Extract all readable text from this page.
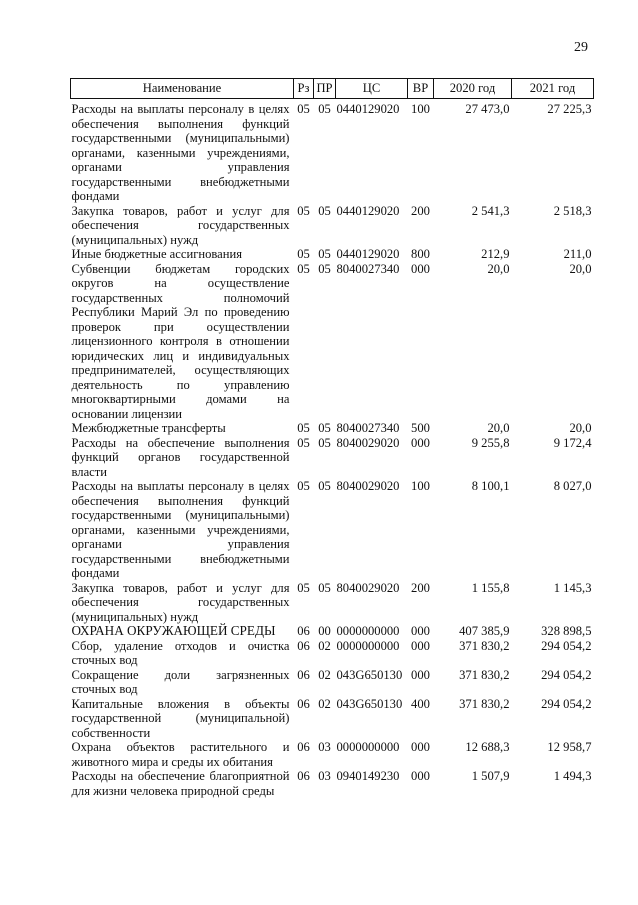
29
Наименование	Рз	ПР	ЦС	ВР	2020 год	2021 год
Расходы на выплаты персоналу в целях обеспечения выполнения функций государственными (муниципальными) органами, казенными учреждениями, органами управления государственными внебюджетными фондами	05	05	0440129020	100	27 473,0	27 225,3
Закупка товаров, работ и услуг для обеспечения государственных (муниципальных) нужд	05	05	0440129020	200	2 541,3	2 518,3
Иные бюджетные ассигнования	05	05	0440129020	800	212,9	211,0
Субвенции бюджетам городских округов на осуществление государственных полномочий Республики Марий Эл по проведению проверок при осуществлении лицензионного контроля в отношении юридических лиц и индивидуальных предпринимателей, осуществляющих деятельность по управлению многоквартирными домами на основании лицензии	05	05	8040027340	000	20,0	20,0
Межбюджетные трансферты	05	05	8040027340	500	20,0	20,0
Расходы на обеспечение выполнения функций органов государственной власти	05	05	8040029020	000	9 255,8	9 172,4
Расходы на выплаты персоналу в целях обеспечения выполнения функций государственными (муниципальными) органами, казенными учреждениями, органами управления государственными внебюджетными фондами	05	05	8040029020	100	8 100,1	8 027,0
Закупка товаров, работ и услуг для обеспечения государственных (муниципальных) нужд	05	05	8040029020	200	1 155,8	1 145,3
ОХРАНА ОКРУЖАЮЩЕЙ СРЕДЫ	06	00	0000000000	000	407 385,9	328 898,5
Сбор, удаление отходов и очистка сточных вод	06	02	0000000000	000	371 830,2	294 054,2
Сокращение доли загрязненных сточных вод	06	02	043G650130	000	371 830,2	294 054,2
Капитальные вложения в объекты государственной (муниципальной) собственности	06	02	043G650130	400	371 830,2	294 054,2
Охрана объектов растительного и животного мира и среды их обитания	06	03	0000000000	000	12 688,3	12 958,7
Расходы на обеспечение благоприятной для жизни человека природной среды	06	03	0940149230	000	1 507,9	1 494,3
